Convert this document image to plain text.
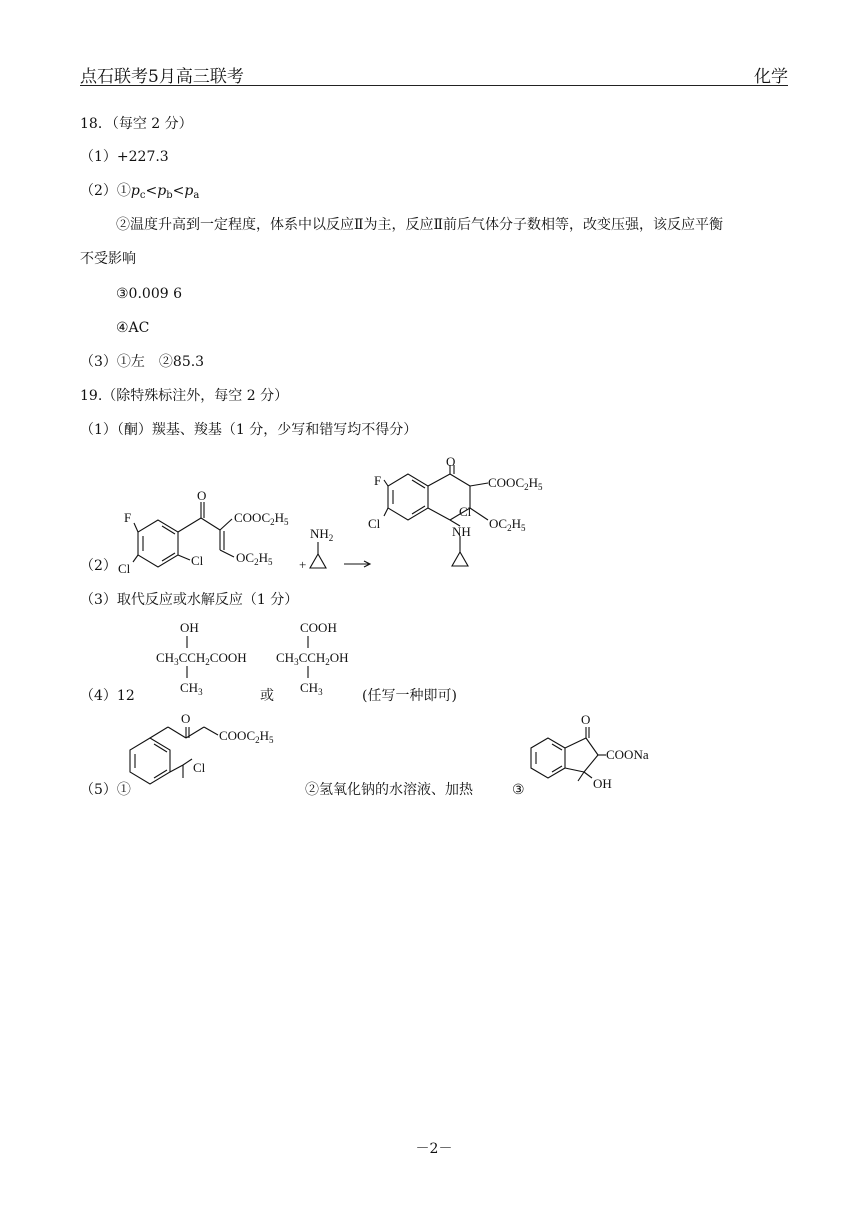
点石联考5月高三联考	化学
18．（每空 2 分）
（1）+227.3
$(2)①p_c<p_b<p_a$
②温度升高到一定程度，体系中以反应Ⅱ为主，反应Ⅱ前后气体分子数相等，改变压强，该反应平衡
不受影响
③0.009 6
④AC
（3）①左　②85.3
19.（除特殊标注外，每空 2 分）
（1）（酮）羰基、羧基（1 分，少写和错写均不得分）
（2）
O
$COOC_2H_5$
$OC_2H_5$
F
Cl
Cl
$NH_2$
+
O
$COOC_2H_5$
F
Cl
Cl
$OC_2H_5$
NH
（3）取代反应或水解反应（1 分）
OH
$CH_3CCH_2COOH$
$CH_3$
COOH
$CH_3CCH_2OH$
$CH_3$
（4）12	或	(任写一种即可)
O
$COOC_2H_5$
Cl
O
COONa
OH
（5）①	②氢氧化钠的水溶液、加热	③
－2－
